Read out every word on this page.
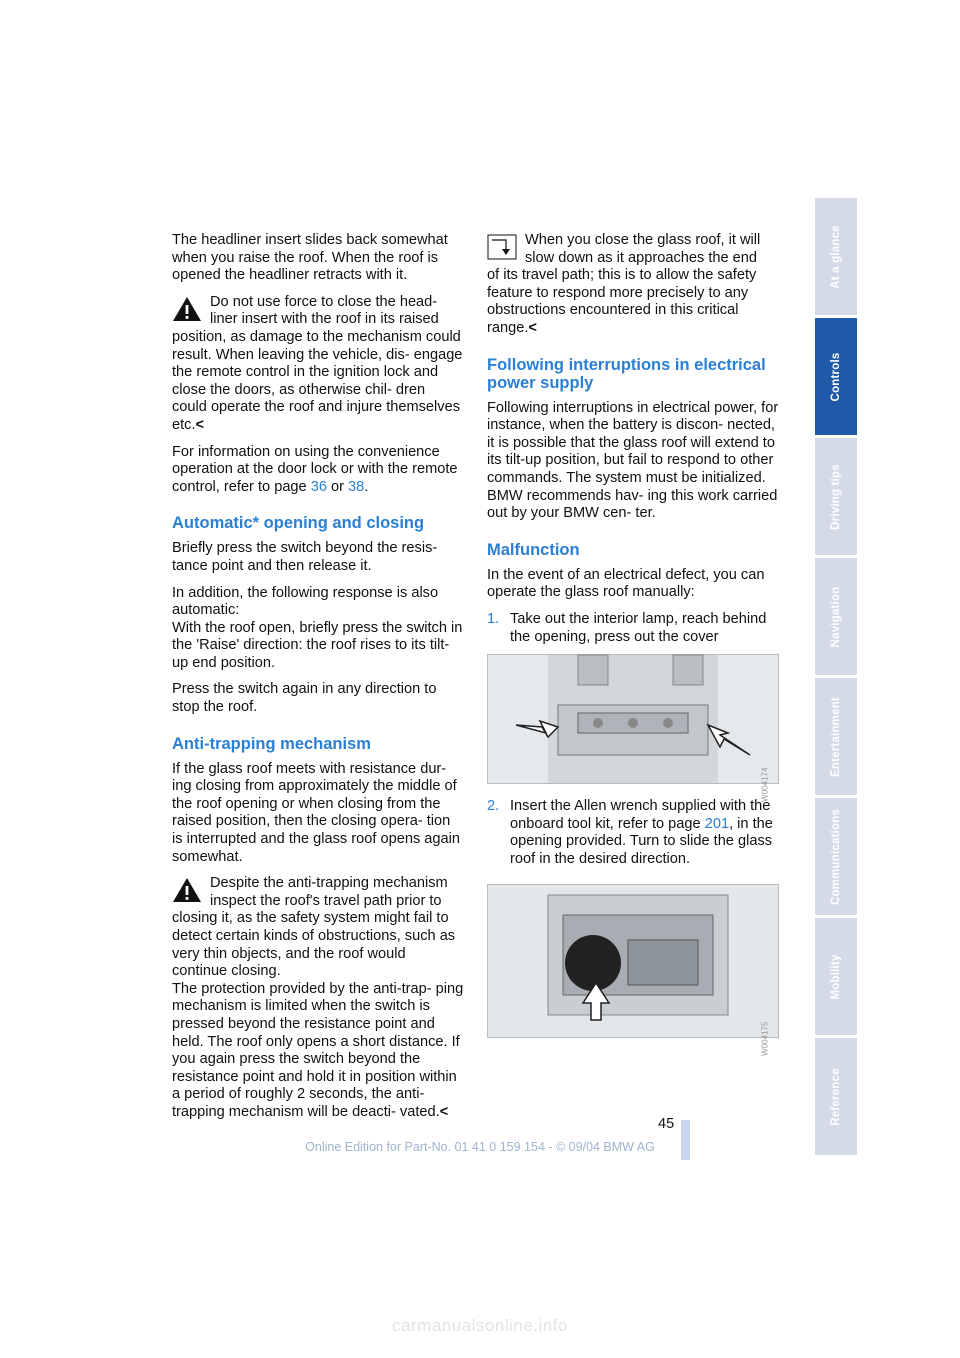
The headliner insert slides back somewhat when you raise the roof. When the roof is opened the headliner retracts with it.

Do not use force to close the head- liner insert with the roof in its raised
position, as damage to the mechanism could result. When leaving the vehicle, dis- engage the remote control in the ignition lock and close the doors, as otherwise chil- dren could operate the roof and injure themselves etc.<

For information on using the convenience operation at the door lock or with the remote control, refer to page 36 or 38.

Automatic* opening and closing

Briefly press the switch beyond the resis- tance point and then release it.

In addition, the following response is also automatic:
With the roof open, briefly press the switch in the 'Raise' direction: the roof rises to its tilt-up end position.

Press the switch again in any direction to stop the roof.

Anti-trapping mechanism

If the glass roof meets with resistance dur- ing closing from approximately the middle of the roof opening or when closing from the raised position, then the closing opera- tion is interrupted and the glass roof opens again somewhat.

Despite the anti-trapping mechanism inspect the roof's travel path prior to
closing it, as the safety system might fail to detect certain kinds of obstructions, such as very thin objects, and the roof would continue closing.
The protection provided by the anti-trap- ping mechanism is limited when the switch is pressed beyond the resistance point and held. The roof only opens a short distance. If you again press the switch beyond the resistance point and hold it in position within a period of roughly 2 seconds, the anti-trapping mechanism will be deacti- vated.<

When you close the glass roof, it will slow down as it approaches the end
of its travel path; this is to allow the safety feature to respond more precisely to any obstructions encountered in this critical range.<

Following interruptions in electrical power supply

Following interruptions in electrical power, for instance, when the battery is discon- nected, it is possible that the glass roof will extend to its tilt-up position, but fail to respond to other commands. The system must be initialized. BMW recommends hav- ing this work carried out by your BMW cen- ter.

Malfunction

In the event of an electrical defect, you can operate the glass roof manually:

1. Take out the interior lamp, reach behind the opening, press out the cover
W004174
2. Insert the Allen wrench supplied with the onboard tool kit, refer to page 201, in the opening provided. Turn to slide the glass roof in the desired direction.
W004175
At a glance
Controls
Driving tips
Navigation
Entertainment
Communications
Mobility
Reference
45
Online Edition for Part-No. 01 41 0 159 154 - © 09/04 BMW AG
carmanualsonline.info
